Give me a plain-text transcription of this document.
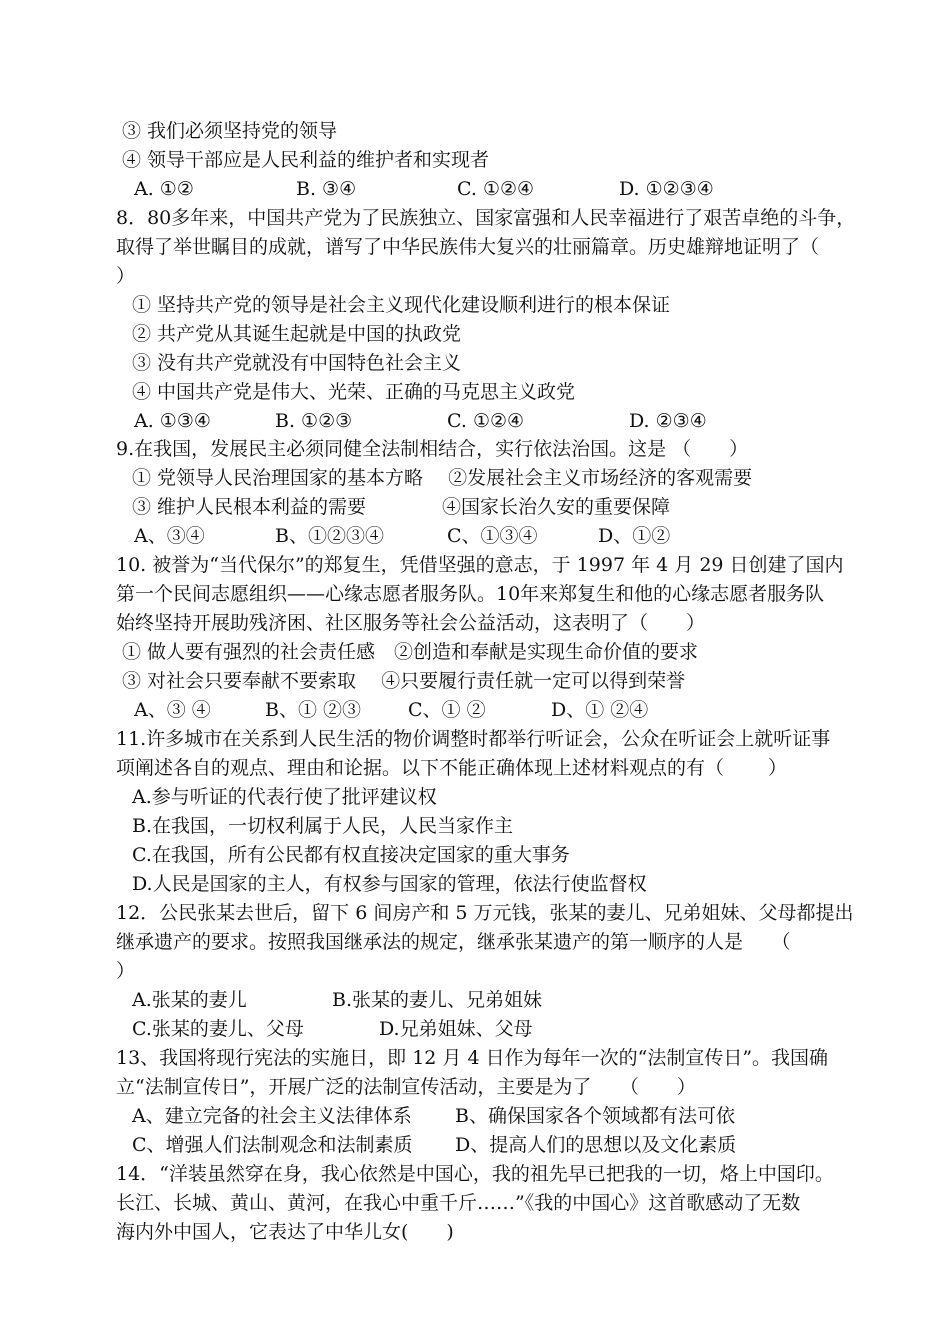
③ 我们必须坚持党的领导
④ 领导干部应是人民利益的维护者和实现者
A. ①②	B. ③④	C. ①②④	D. ①②③④
8．80多年来，中国共产党为了民族独立、国家富强和人民幸福进行了艰苦卓绝的斗争，
取得了举世瞩目的成就，谱写了中华民族伟大复兴的壮丽篇章。历史雄辩地证明了（
）
① 坚持共产党的领导是社会主义现代化建设顺利进行的根本保证
② 共产党从其诞生起就是中国的执政党
③ 没有共产党就没有中国特色社会主义
④ 中国共产党是伟大、光荣、正确的马克思主义政党
A. ①③④	B. ①②③	C. ①②④	D. ②③④
9.在我国，发展民主必须同健全法制相结合，实行依法治国。这是 （　　）
① 党领导人民治理国家的基本方略　 ②发展社会主义市场经济的客观需要
③ 维护人民根本利益的需要　　　　④国家长治久安的重要保障
A、③④	B、①②③④	C、①③④	D、①②
10. 被誉为“当代保尔”的郑复生，凭借坚强的意志，于 1997 年 4 月 29 日创建了国内
第一个民间志愿组织——心缘志愿者服务队。10年来郑复生和他的心缘志愿者服务队
始终坚持开展助残济困、社区服务等社会公益活动，这表明了（　　）
① 做人要有强烈的社会责任感　②创造和奉献是实现生命价值的要求
③ 对社会只要奉献不要索取　 ④只要履行责任就一定可以得到荣誉
A、③ ④	B、① ②③ C、① ②	D、① ②④
11.许多城市在关系到人民生活的物价调整时都举行听证会，公众在听证会上就听证事
项阐述各自的观点、理由和论据。以下不能正确体现上述材料观点的有（　　 ）
A.参与听证的代表行使了批评建议权
B.在我国，一切权利属于人民，人民当家作主
C.在我国，所有公民都有权直接决定国家的重大事务
D.人民是国家的主人，有权参与国家的管理，依法行使监督权
12．公民张某去世后，留下 6 间房产和 5 万元钱，张某的妻儿、兄弟姐妹、父母都提出
继承遗产的要求。按照我国继承法的规定，继承张某遗产的第一顺序的人是　　（
）
A.张某的妻儿	B.张某的妻儿、兄弟姐妹
C.张某的妻儿、父母	D.兄弟姐妹、父母
13、我国将现行宪法的实施日，即 12 月 4 日作为每年一次的“法制宣传日”。我国确
立“法制宣传日”，开展广泛的法制宣传活动，主要是为了　　（　　）
A、建立完备的社会主义法律体系 B、确保国家各个领域都有法可依
C、增强人们法制观念和法制素质 D、提高人们的思想以及文化素质
14．“洋装虽然穿在身，我心依然是中国心，我的祖先早已把我的一切，烙上中国印。
长江、长城、黄山、黄河，在我心中重千斤……”《我的中国心》这首歌感动了无数
海内外中国人，它表达了中华儿女(　　)
